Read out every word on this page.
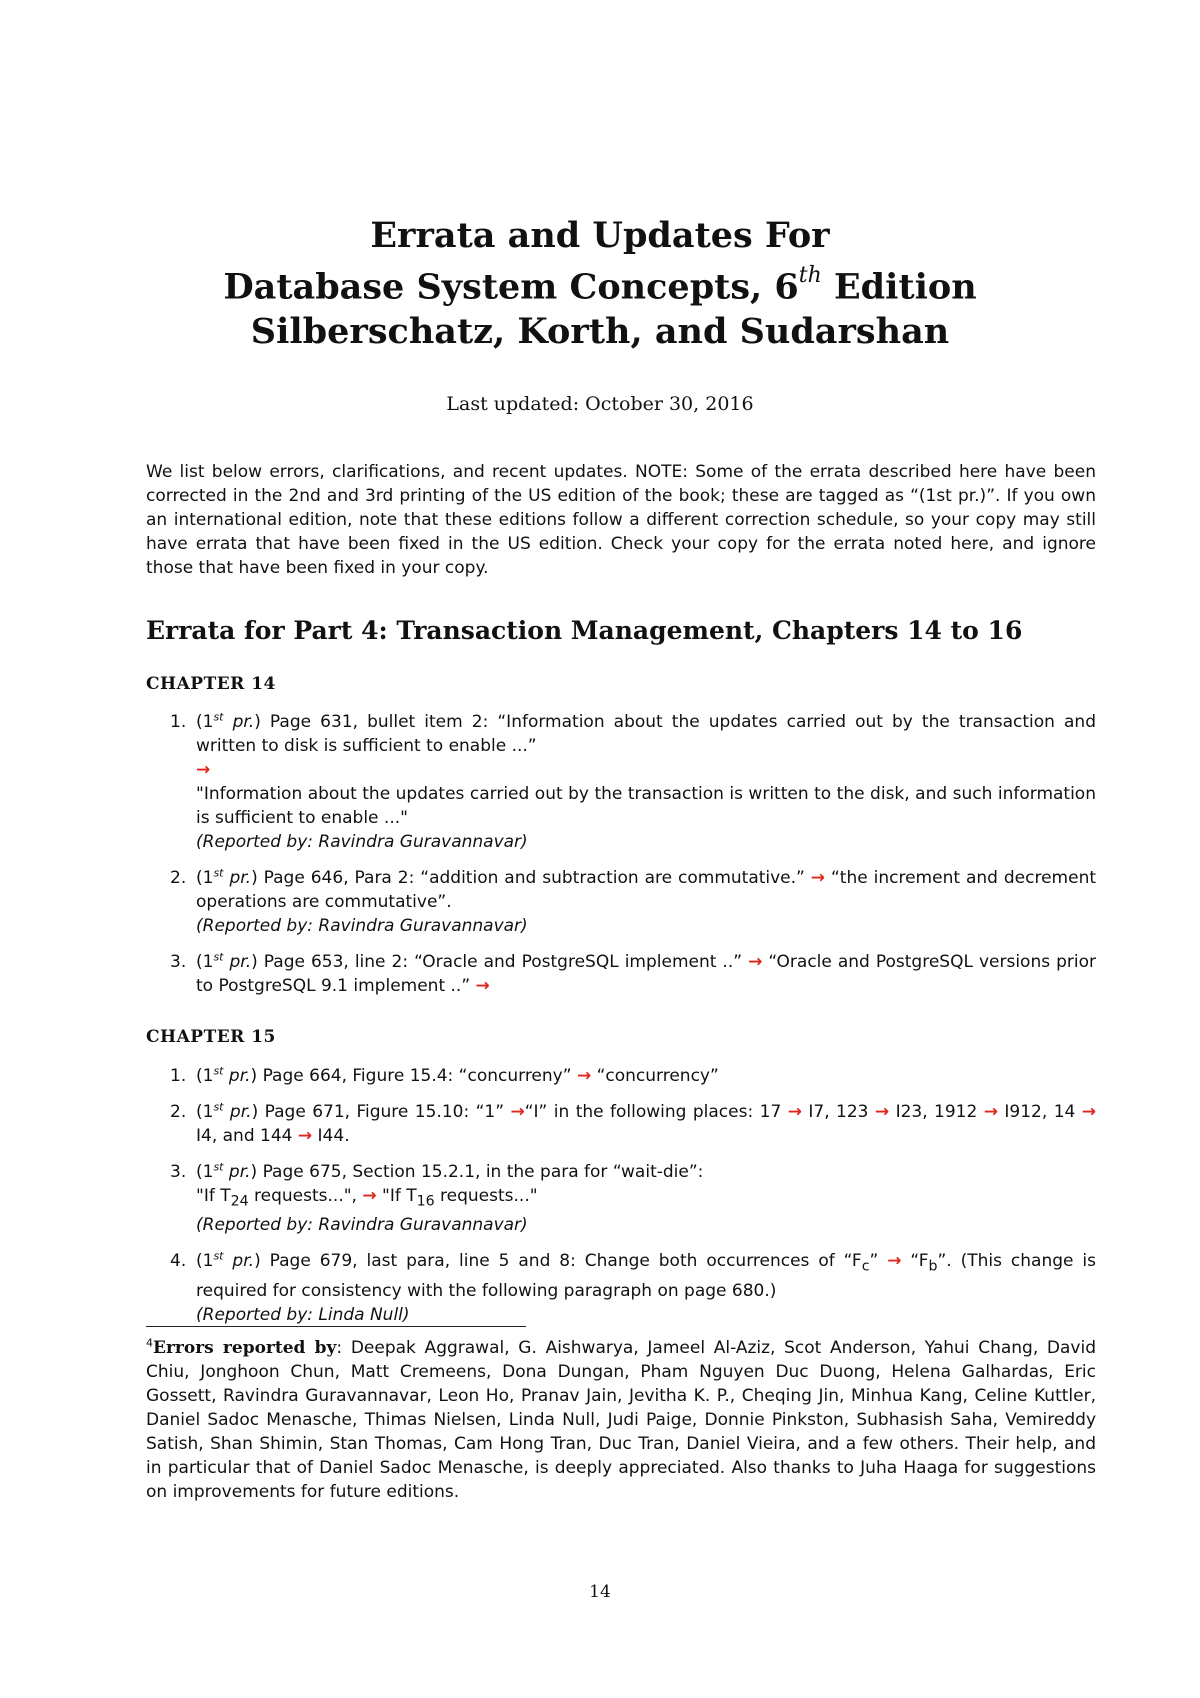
Errata and Updates For
Database System Concepts, 6th Edition
Silberschatz, Korth, and Sudarshan
Last updated: October 30, 2016
We list below errors, clarifications, and recent updates. NOTE: Some of the errata described here have been corrected in the 2nd and 3rd printing of the US edition of the book; these are tagged as “(1st pr.)”. If you own an international edition, note that these editions follow a different correction schedule, so your copy may still have errata that have been fixed in the US edition. Check your copy for the errata noted here, and ignore those that have been fixed in your copy.
Errata for Part 4: Transaction Management, Chapters 14 to 16
CHAPTER 14
1. (1st pr.) Page 631, bullet item 2: “Information about the updates carried out by the transaction and written to disk is sufficient to enable ...”
→
"Information about the updates carried out by the transaction is written to the disk, and such information is sufficient to enable ..."
(Reported by: Ravindra Guravannavar)
2. (1st pr.) Page 646, Para 2: “addition and subtraction are commutative.” → “the increment and decrement operations are commutative”.
(Reported by: Ravindra Guravannavar)
3. (1st pr.) Page 653, line 2: “Oracle and PostgreSQL implement ..” → “Oracle and PostgreSQL versions prior to PostgreSQL 9.1 implement ..” →
CHAPTER 15
1. (1st pr.) Page 664, Figure 15.4: “concurreny” → “concurrency”
2. (1st pr.) Page 671, Figure 15.10: “1” →“I” in the following places: 17 → I7, 123 → I23, 1912 → I912, 14 → I4, and 144 → I44.
3. (1st pr.) Page 675, Section 15.2.1, in the para for “wait-die”:
"If $T_{24}$ requests...", → "If $T_{16}$ requests..."
(Reported by: Ravindra Guravannavar)
4. (1st pr.) Page 679, last para, line 5 and 8: Change both occurrences of “$F_c$” → “$F_b$”. (This change is required for consistency with the following paragraph on page 680.)
(Reported by: Linda Null)
$^4$Errors reported by: Deepak Aggrawal, G. Aishwarya, Jameel Al-Aziz, Scot Anderson, Yahui Chang, David Chiu, Jonghoon Chun, Matt Cremeens, Dona Dungan, Pham Nguyen Duc Duong, Helena Galhardas, Eric Gossett, Ravindra Guravannavar, Leon Ho, Pranav Jain, Jevitha K. P., Cheqing Jin, Minhua Kang, Celine Kuttler, Daniel Sadoc Menasche, Thimas Nielsen, Linda Null, Judi Paige, Donnie Pinkston, Subhasish Saha, Vemireddy Satish, Shan Shimin, Stan Thomas, Cam Hong Tran, Duc Tran, Daniel Vieira, and a few others. Their help, and in particular that of Daniel Sadoc Menasche, is deeply appreciated. Also thanks to Juha Haaga for suggestions on improvements for future editions.
14
